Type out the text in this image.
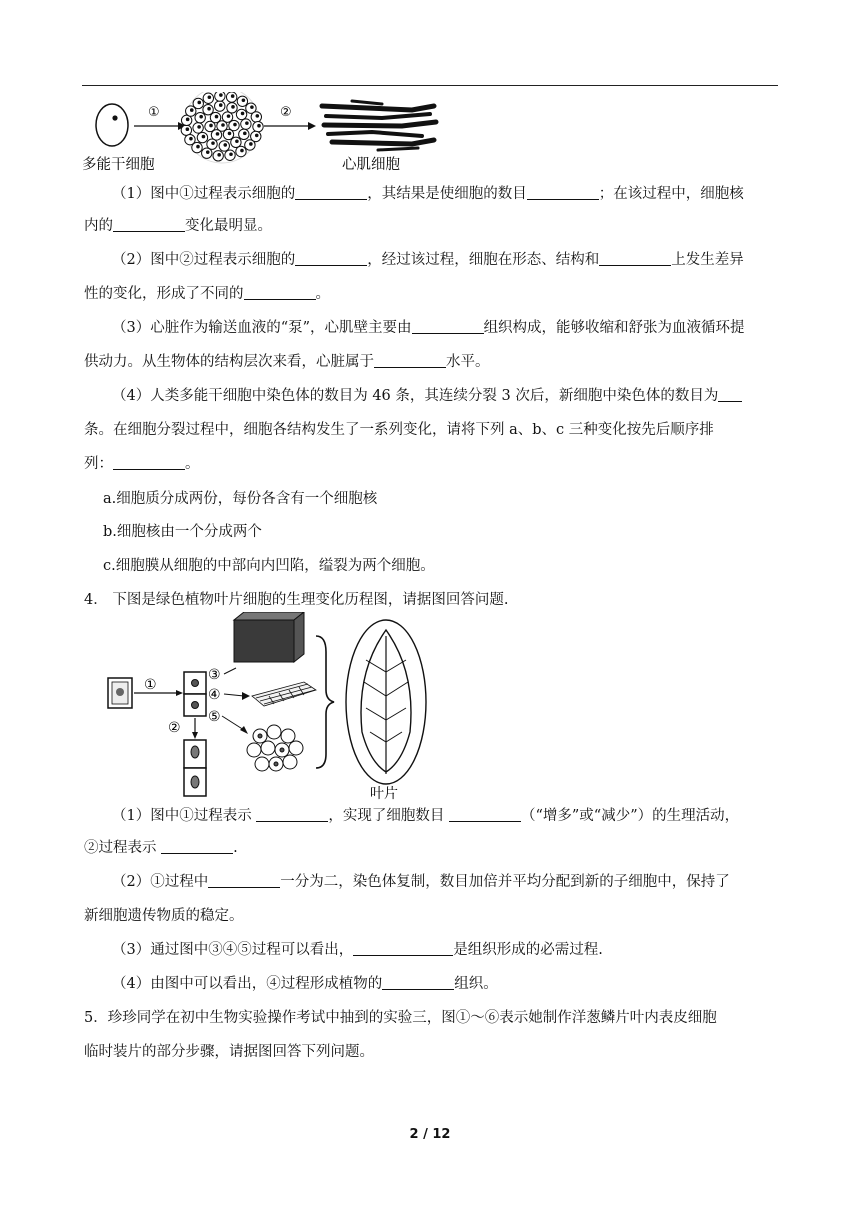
①	②
多能干细胞	心肌细胞
（1）图中①过程表示细胞的	，其结果是使细胞的数目	；在该过程中，细胞核
内的	变化最明显。
（2）图中②过程表示细胞的	，经过该过程，细胞在形态、结构和	上发生差异
性的变化，形成了不同的	。
（3）心脏作为输送血液的“泵”，心肌壁主要由	组织构成，能够收缩和舒张为血液循环提
供动力。从生物体的结构层次来看，心脏属于	水平。
（4）人类多能干细胞中染色体的数目为 46 条，其连续分裂 3 次后，新细胞中染色体的数目为
条。在细胞分裂过程中，细胞各结构发生了一系列变化，请将下列 a、b、c 三种变化按先后顺序排
列：	。
a.细胞质分成两份，每份各含有一个细胞核
b.细胞核由一个分成两个
c.细胞膜从细胞的中部向内凹陷，缢裂为两个细胞。
4． 下图是绿色植物叶片细胞的生理变化历程图，请据图回答问题.
①
②
③
④
⑤
叶片
（1）图中①过程表示	，实现了细胞数目	（“增多”或“减少”）的生理活动，
②过程表示	.
（2）①过程中	一分为二，染色体复制，数目加倍并平均分配到新的子细胞中，保持了
新细胞遗传物质的稳定。
（3）通过图中③④⑤过程可以看出，	是组织形成的必需过程.
（4）由图中可以看出，④过程形成植物的	组织。
5．珍珍同学在初中生物实验操作考试中抽到的实验三，图①～⑥表示她制作洋葱鳞片叶内表皮细胞
临时装片的部分步骤，请据图回答下列问题。
2 / 12
